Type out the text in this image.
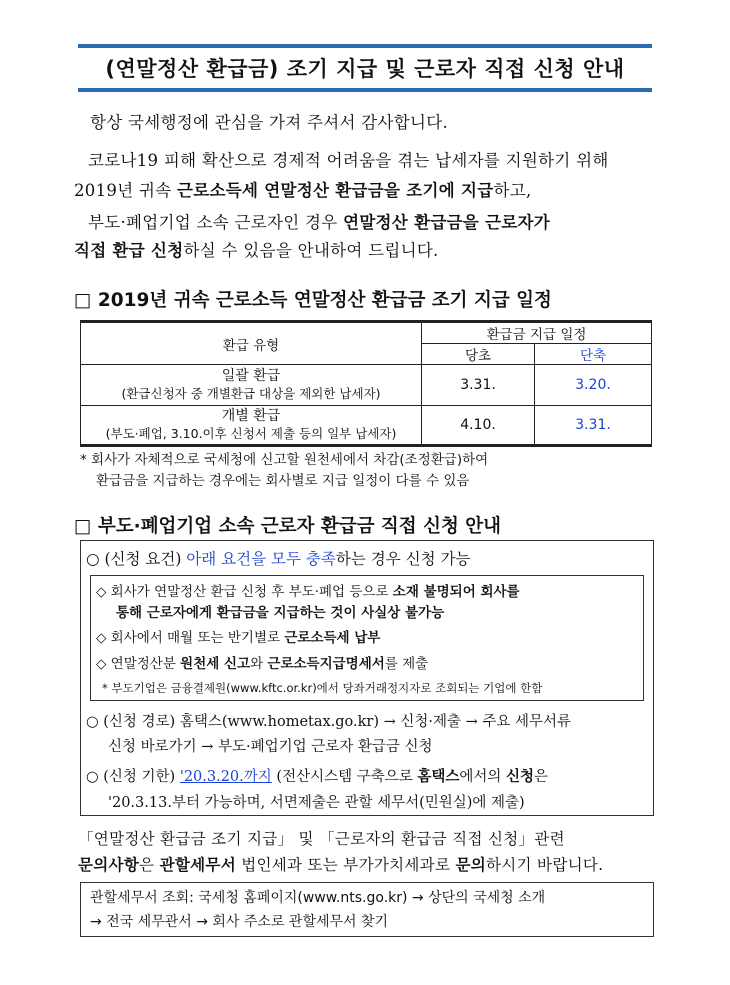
(연말정산 환급금) 조기 지급 및 근로자 직접 신청 안내
항상 국세행정에 관심을 가져 주셔서 감사합니다.
코로나19 피해 확산으로 경제적 어려움을 겪는 납세자를 지원하기 위해
2019년 귀속 근로소득세 연말정산 환급금을 조기에 지급하고,
부도·폐업기업 소속 근로자인 경우 연말정산 환급금을 근로자가
직접 환급 신청하실 수 있음을 안내하여 드립니다.
□ 2019년 귀속 근로소득 연말정산 환급금 조기 지급 일정
환급 유형	환급금 지급 일정	
	당초	단축

일괄 환급
(환급신청자 중 개별환급 대상을 제외한 납세자)	3.31.	3.20.

개별 환급
(부도·폐업, 3.10.이후 신청서 제출 등의 일부 납세자)	4.10.	3.31.
* 회사가 자체적으로 국세청에 신고할 원천세에서 차감(조정환급)하여
환급금을 지급하는 경우에는 회사별로 지급 일정이 다를 수 있음
□ 부도·폐업기업 소속 근로자 환급금 직접 신청 안내
○ (신청 요건) 아래 요건을 모두 충족하는 경우 신청 가능
◇ 회사가 연말정산 환급 신청 후 부도·폐업 등으로 소재 불명되어 회사를
통해 근로자에게 환급금을 지급하는 것이 사실상 불가능
◇ 회사에서 매월 또는 반기별로 근로소득세 납부
◇ 연말정산분 원천세 신고와 근로소득지급명세서를 제출
* 부도기업은 금융결제원(www.kftc.or.kr)에서 당좌거래정지자로 조회되는 기업에 한함
○ (신청 경로) 홈택스(www.hometax.go.kr) → 신청·제출 → 주요 세무서류
신청 바로가기 → 부도·폐업기업 근로자 환급금 신청
○ (신청 기한) '20.3.20.까지 (전산시스템 구축으로 홈택스에서의 신청은
'20.3.13.부터 가능하며, 서면제출은 관할 세무서(민원실)에 제출)
「연말정산 환급금 조기 지급」 및 「근로자의 환급금 직접 신청」관련
문의사항은 관할세무서 법인세과 또는 부가가치세과로 문의하시기 바랍니다.
관할세무서 조회: 국세청 홈페이지(www.nts.go.kr) → 상단의 국세청 소개
→ 전국 세무관서 → 회사 주소로 관할세무서 찾기
